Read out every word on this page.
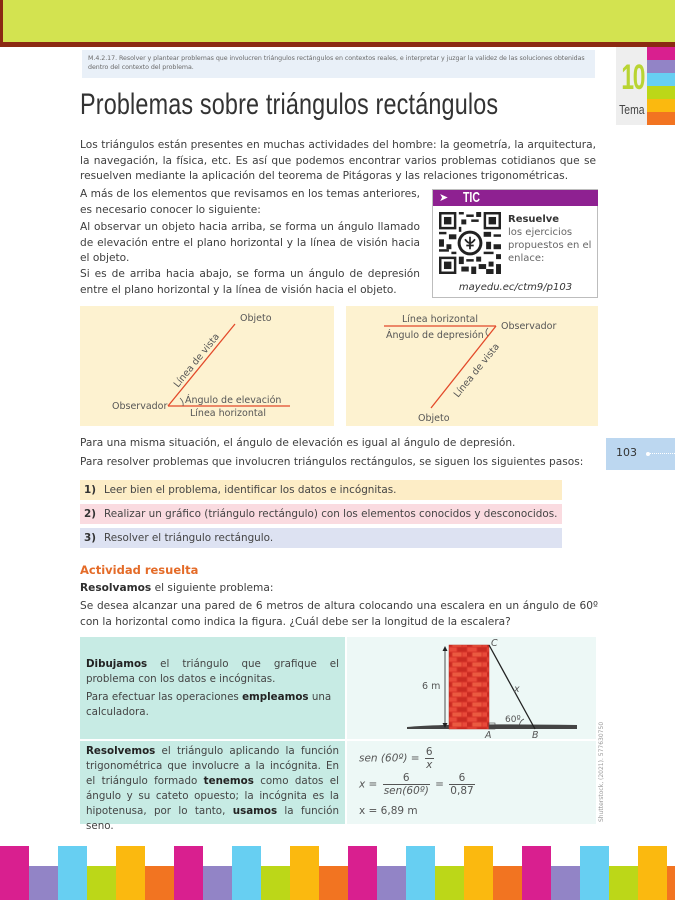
M.4.2.17. Resolver y plantear problemas que involucren triángulos rectángulos en contextos reales, e interpretar y juzgar la validez de las soluciones obtenidas dentro del contexto del problema.	10
Tema
Problemas sobre triángulos rectángulos
Los triángulos están presentes en muchas actividades del hombre: la geometría, la arquitectura, la navegación, la física, etc. Es así que podemos encontrar varios problemas cotidianos que se resuelven mediante la aplicación del teorema de Pitágoras y las relaciones trigonométricas.
A más de los elementos que revisamos en los temas anteriores, es necesario conocer lo siguiente:
Al observar un objeto hacia arriba, se forma un ángulo llamado de elevación entre el plano horizontal y la línea de visión hacia el objeto.
Si es de arriba hacia abajo, se forma un ángulo de depresión entre el plano horizontal y la línea de visión hacia el objeto.
➤ TIC
Resuelve
los ejercicios propuestos en el enlace:
mayedu.ec/ctm9/p103
Objeto
Observador
Ángulo de elevación
Línea horizontal
Línea de vista
Línea horizontal
Ángulo de depresión
Observador
Objeto
Línea de vista
Para una misma situación, el ángulo de elevación es igual al ángulo de depresión.
Para resolver problemas que involucren triángulos rectángulos, se siguen los siguientes pasos:
1) Leer bien el problema, identificar los datos e incógnitas.
2) Realizar un gráfico (triángulo rectángulo) con los elementos conocidos y desconocidos.
3) Resolver el triángulo rectángulo.
Actividad resuelta
Resolvamos el siguiente problema:
Se desea alcanzar una pared de 6 metros de altura colocando una escalera en un ángulo de 60º con la horizontal como indica la figura. ¿Cuál debe ser la longitud de la escalera?
Dibujamos el triángulo que grafique el problema con los datos e incógnitas.
Para efectuar las operaciones empleamos una calculadora.
6 m	x
60º
A	B
C
Resolvemos el triángulo aplicando la función trigonométrica que involucre a la incógnita. En el triángulo formado tenemos como datos el ángulo y su cateto opuesto; la incógnita es la hipotenusa, por lo tanto, usamos la función seno.
sen (60º) = $\frac{6}{x}$
$x = \frac{6}{\text{sen(60º)}} = \frac{6}{0,87}$
x = 6,89 m	Shutterstock, (2021). 577630750
103
